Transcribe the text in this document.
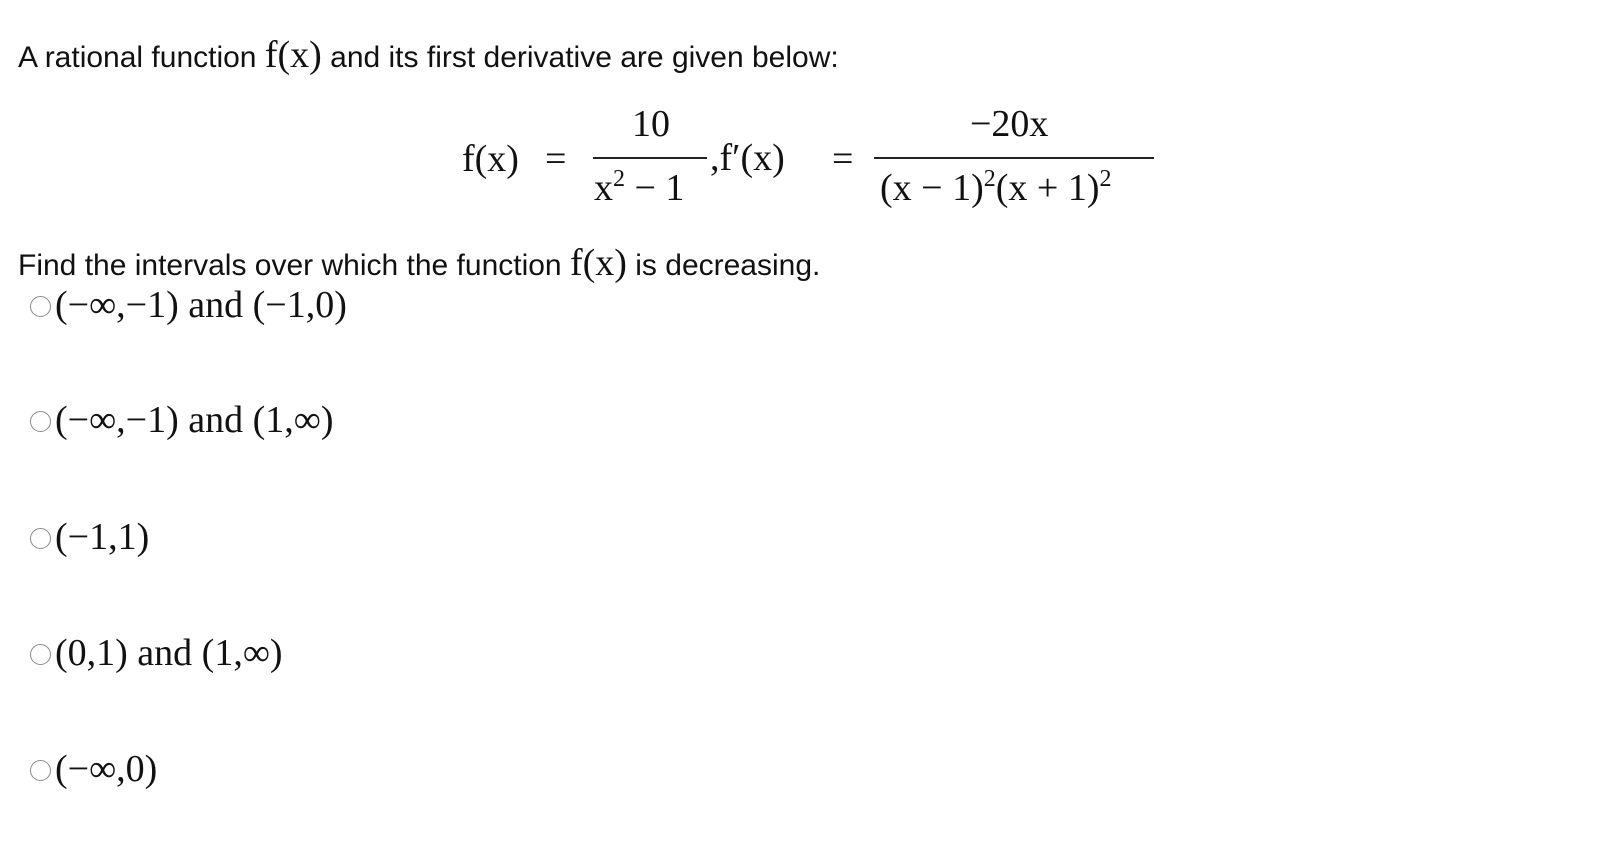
A rational function f(x) and its first derivative are given below:
f(x) =
10
$x^2 - 1$
,f′(x) =
−20x
$(x - 1)^2(x + 1)^2$
Find the intervals over which the function f(x) is decreasing.
(−∞,−1) and (−1,0)
(−∞,−1) and (1,∞)
(−1,1)
(0,1) and (1,∞)
(−∞,0)
